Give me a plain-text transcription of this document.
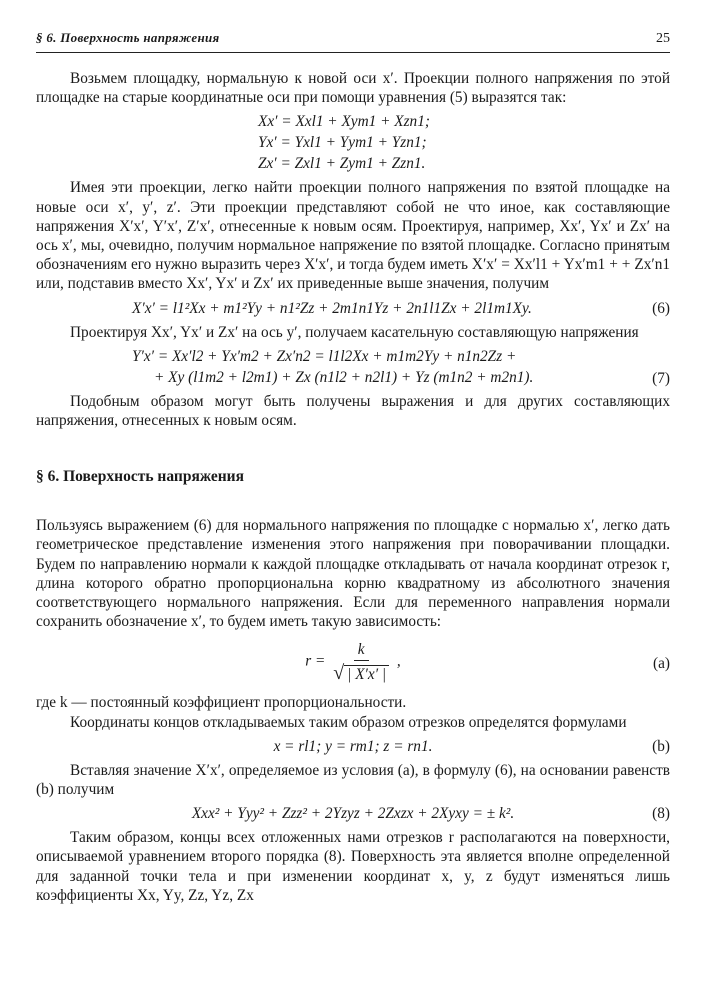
§ 6. Поверхность напряжения	25

Возьмем площадку, нормальную к новой оси x′. Проекции полного напряжения по этой площадке на старые координатные оси при помощи уравнения (5) выразятся так:

Xx′ = Xxl1 + Xym1 + Xzn1;
Yx′ = Yxl1 + Yym1 + Yzn1;
Zx′ = Zxl1 + Zym1 + Zzn1.

Имея эти проекции, легко найти проекции полного напряжения по взятой площадке на новые оси x′, y′, z′. Эти проекции представляют собой не что иное, как составляющие напряжения X′x′, Y′x′, Z′x′, отнесенные к новым осям. Проектируя, например, Xx′, Yx′ и Zx′ на ось x′, мы, очевидно, получим нормальное напряжение по взятой площадке. Согласно принятым обозначениям его нужно выразить через X′x′, и тогда будем иметь X′x′ = Xx′l1 + Yx′m1 + + Zx′n1 или, подставив вместо Xx′, Yx′ и Zx′ их приведенные выше значения, получим

X′x′ = l1²Xx + m1²Yy + n1²Zz + 2m1n1Yz + 2n1l1Zx + 2l1m1Xy.	(6)

Проектируя Xx′, Yx′ и Zx′ на ось y′, получаем касательную составляющую напряжения

Y′x′ = Xx′l2 + Yx′m2 + Zx′n2 = l1l2Xx + m1m2Yy + n1n2Zz +
+ Xy (l1m2 + l2m1) + Zx (n1l2 + n2l1) + Yz (m1n2 + m2n1).	(7)

Подобным образом могут быть получены выражения и для других составляющих напряжения, отнесенных к новым осям.

§ 6. Поверхность напряжения

Пользуясь выражением (6) для нормального напряжения по площадке с нормалью x′, легко дать геометрическое представление изменения этого напряжения при поворачивании площадки. Будем по направлению нормали к каждой площадке откладывать от начала координат отрезок r, длина которого обратно пропорциональна корню квадратному из абсолютного значения соответствующего нормального напряжения. Если для переменного направления нормали сохранить обозначение x′, то будем иметь такую зависимость:

$r = \frac{k}{√ | X'x' |}$ ,	(a)

где k — постоянный коэффициент пропорциональности.

Координаты концов откладываемых таким образом отрезков определятся формулами

x = rl1; y = rm1; z = rn1.	(b)

Вставляя значение X′x′, определяемое из условия (a), в формулу (6), на основании равенств (b) получим

Xxx² + Yyy² + Zzz² + 2Yzyz + 2Zxzx + 2Xyxy = ± k².	(8)

Таким образом, концы всех отложенных нами отрезков r располагаются на поверхности, описываемой уравнением второго порядка (8). Поверхность эта является вполне определенной для заданной точки тела и при изменении координат x, y, z будут изменяться лишь коэффициенты Xx, Yy, Zz, Yz, Zx
